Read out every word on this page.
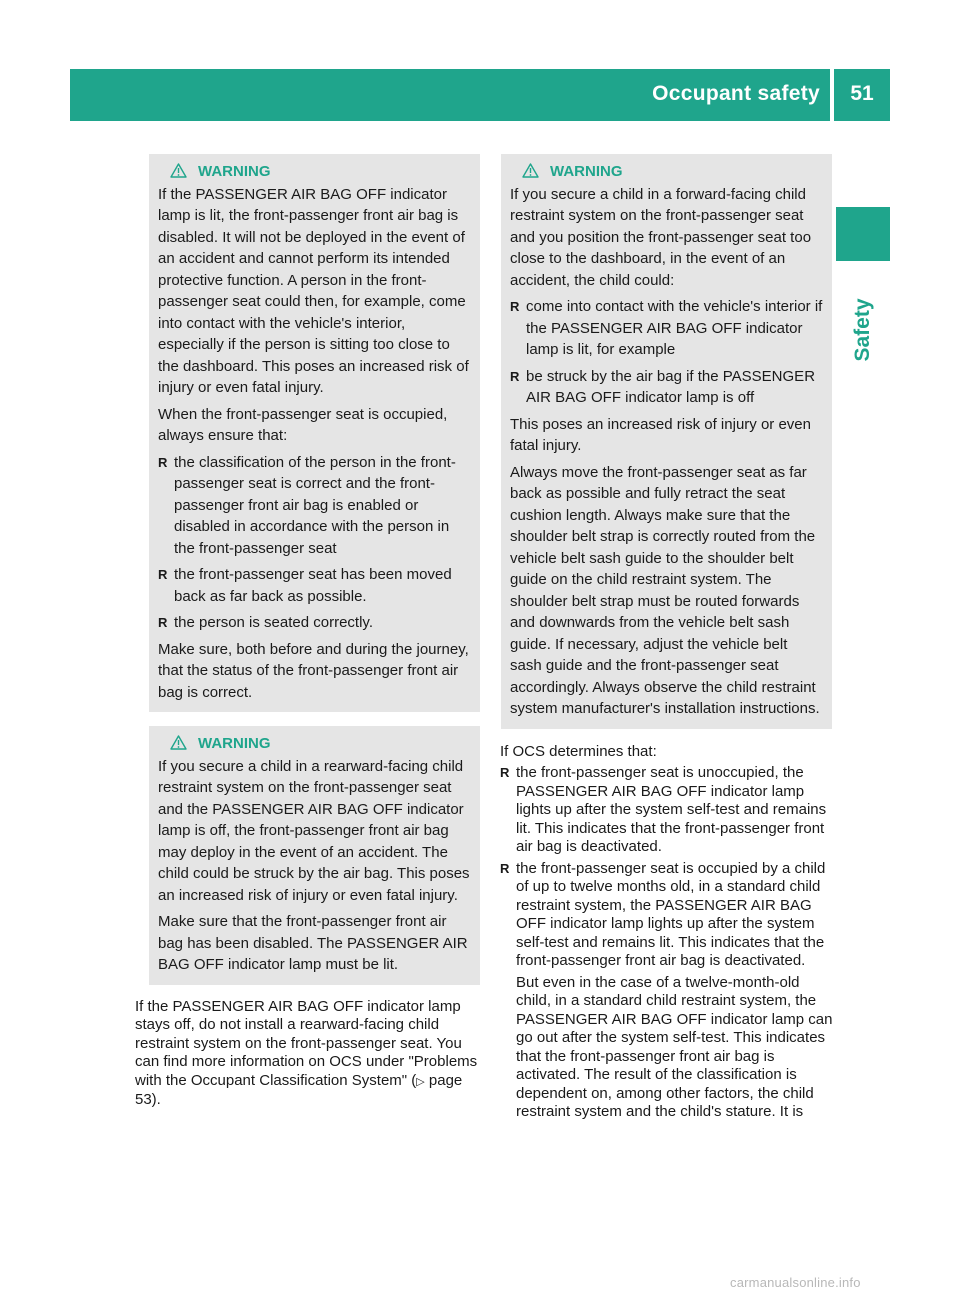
Occupant safety	51
Safety
WARNING

If the PASSENGER AIR BAG OFF indicator lamp is lit, the front-passenger front air bag is disabled. It will not be deployed in the event of an accident and cannot perform its intended protective function. A person in the front-passenger seat could then, for example, come into contact with the vehicle's interior, especially if the person is sitting too close to the dashboard. This poses an increased risk of injury or even fatal injury.

When the front-passenger seat is occupied, always ensure that:

R the classification of the person in the front-passenger seat is correct and the front-passenger front air bag is enabled or disabled in accordance with the person in the front-passenger seat
R the front-passenger seat has been moved back as far back as possible.
R the person is seated correctly.

Make sure, both before and during the journey, that the status of the front-passenger front air bag is correct.

WARNING

If you secure a child in a rearward-facing child restraint system on the front-passenger seat and the PASSENGER AIR BAG OFF indicator lamp is off, the front-passenger front air bag may deploy in the event of an accident. The child could be struck by the air bag. This poses an increased risk of injury or even fatal injury.

Make sure that the front-passenger front air bag has been disabled. The PASSENGER AIR BAG OFF indicator lamp must be lit.

If the PASSENGER AIR BAG OFF indicator lamp stays off, do not install a rearward-facing child restraint system on the front-passenger seat. You can find more information on OCS under "Problems with the Occupant Classification System" (▷ page 53).
WARNING

If you secure a child in a forward-facing child restraint system on the front-passenger seat and you position the front-passenger seat too close to the dashboard, in the event of an accident, the child could:

R come into contact with the vehicle's interior if the PASSENGER AIR BAG OFF indicator lamp is lit, for example
R be struck by the air bag if the PASSENGER AIR BAG OFF indicator lamp is off

This poses an increased risk of injury or even fatal injury.

Always move the front-passenger seat as far back as possible and fully retract the seat cushion length. Always make sure that the shoulder belt strap is correctly routed from the vehicle belt sash guide to the shoulder belt guide on the child restraint system. The shoulder belt strap must be routed forwards and downwards from the vehicle belt sash guide. If necessary, adjust the vehicle belt sash guide and the front-passenger seat accordingly. Always observe the child restraint system manufacturer's installation instructions.

If OCS determines that:

R the front-passenger seat is unoccupied, the PASSENGER AIR BAG OFF indicator lamp lights up after the system self-test and remains lit. This indicates that the front-passenger front air bag is deactivated.
R the front-passenger seat is occupied by a child of up to twelve months old, in a standard child restraint system, the PASSENGER AIR BAG OFF indicator lamp lights up after the system self-test and remains lit. This indicates that the front-passenger front air bag is deactivated.
But even in the case of a twelve-month-old child, in a standard child restraint system, the PASSENGER AIR BAG OFF indicator lamp can go out after the system self-test. This indicates that the front-passenger front air bag is activated. The result of the classification is dependent on, among other factors, the child restraint system and the child's stature. It is
carmanualsonline.info
